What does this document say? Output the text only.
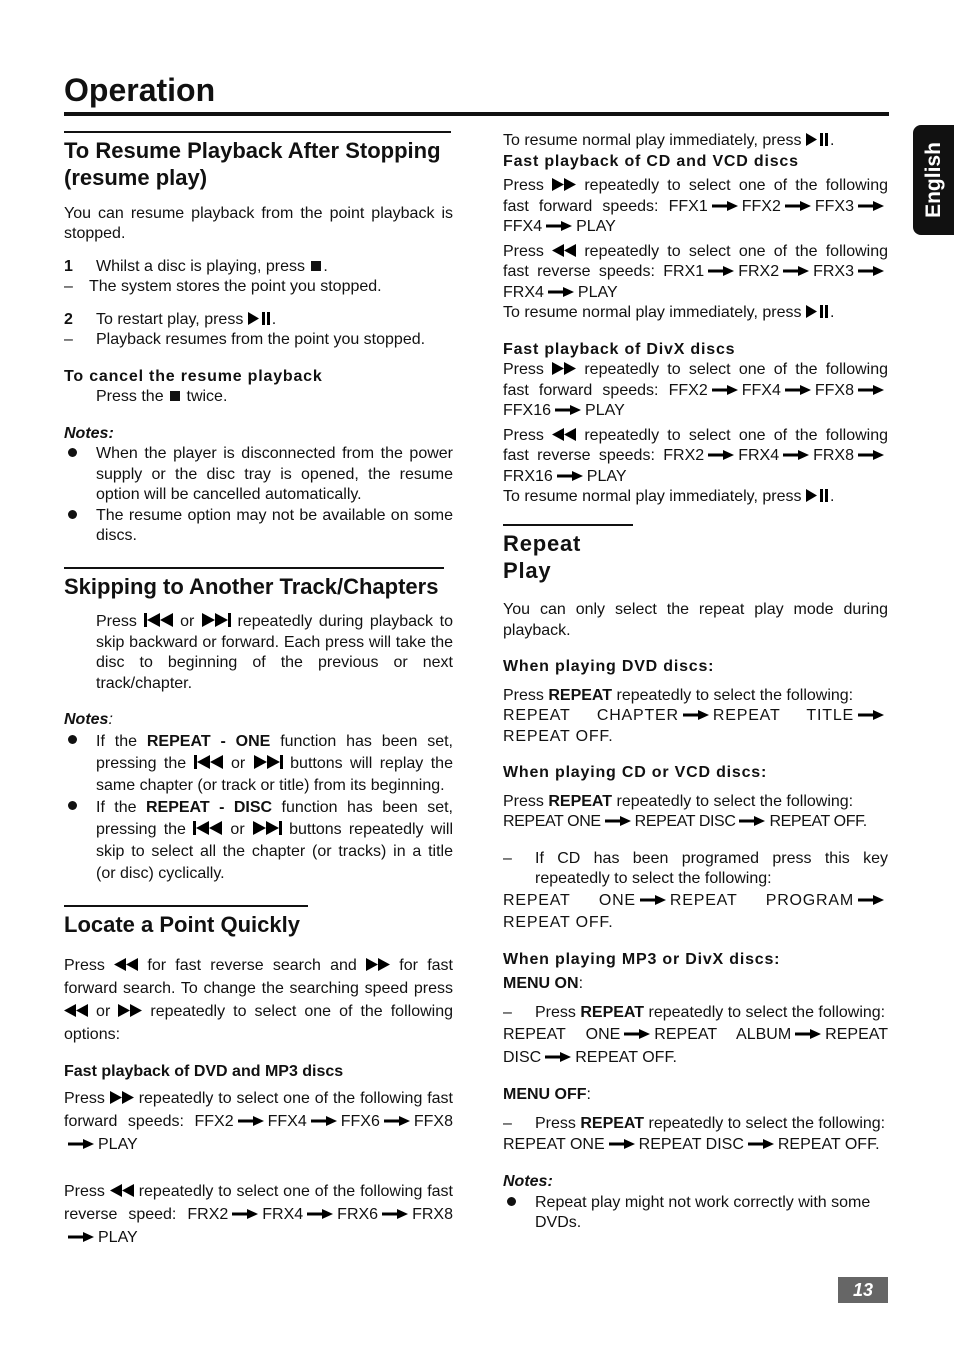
Operation
English
To Resume Playback After Stopping (resume play)

You can resume playback from the point playback is stopped.

1	Whilst a disc is playing, press .
–	The system stores the point you stopped.
2	To restart play, press .
–	Playback resumes from the point you stopped.

To cancel the resume playback

Press the twice.

Notes:

When the player is disconnected from the power supply or the disc tray is opened, the resume option will be cancelled automatically.
The resume option may not be available on some discs.
Skipping to Another Track/Chapters

Press	or	repeatedly during playback to skip backward or forward. Each press will take the disc to beginning of the previous or next track/chapter.

Notes:

If the REPEAT - ONE function has been set, pressing the	or	buttons will replay the same chapter (or track or title) from its beginning.
If the REPEAT - DISC function has been set, pressing the	or	buttons repeatedly will skip to select all the chapter (or tracks) in a title (or disc) cyclically.
Locate a Point Quickly

Press	for fast reverse search and	for fast forward search. To change the searching speed press  or	repeatedly to select one of the following options:

Fast playback of DVD and MP3 discs

Press repeatedly to select one of the following fast forward speeds: FFX2 FFX4 FFX6 FFX8PLAY

Press repeatedly to select one of the following fast reverse speed: FRX2 FRX4 FRX6 FRX8PLAY

To resume normal play immediately, press .

Fast playback of CD and VCD discs

Press	repeatedly to select one of the following fast forward speeds: FFX1 FFX2 FFX3FFX4 PLAY

Press	repeatedly to select one of the following fast reverse speeds: FRX1 FRX2 FRX3FRX4 PLAY

To resume normal play immediately, press .

Fast playback of DivX discs

Press	repeatedly to select one of the following fast forward speeds: FFX2 FFX4 FFX8FFX16 PLAY

Press	repeatedly to select one of the following fast reverse speeds: FRX2 FRX4 FRX8FRX16 PLAY

To resume normal play immediately, press .

Repeat Play

You can only select the repeat play mode during playback.

When playing DVD discs:

Press REPEAT repeatedly to select the following:

REPEAT CHAPTER REPEAT TITLEREPEAT OFF.

When playing CD or VCD discs:

Press REPEAT repeatedly to select the following:

REPEAT ONE REPEAT DISC REPEAT OFF.

–	If CD has been programed press this key repeatedly to select the following:

REPEAT ONE REPEAT PROGRAMREPEAT OFF.

When playing MP3 or DivX discs:

MENU ON:

–	Press REPEAT repeatedly to select the following:

REPEAT ONE REPEAT ALBUM REPEAT DISC REPEAT OFF.

MENU OFF:

–	Press REPEAT repeatedly to select the following:

REPEAT ONE REPEAT DISC REPEAT OFF.

Notes:

Repeat play might not work correctly with some DVDs.
13
